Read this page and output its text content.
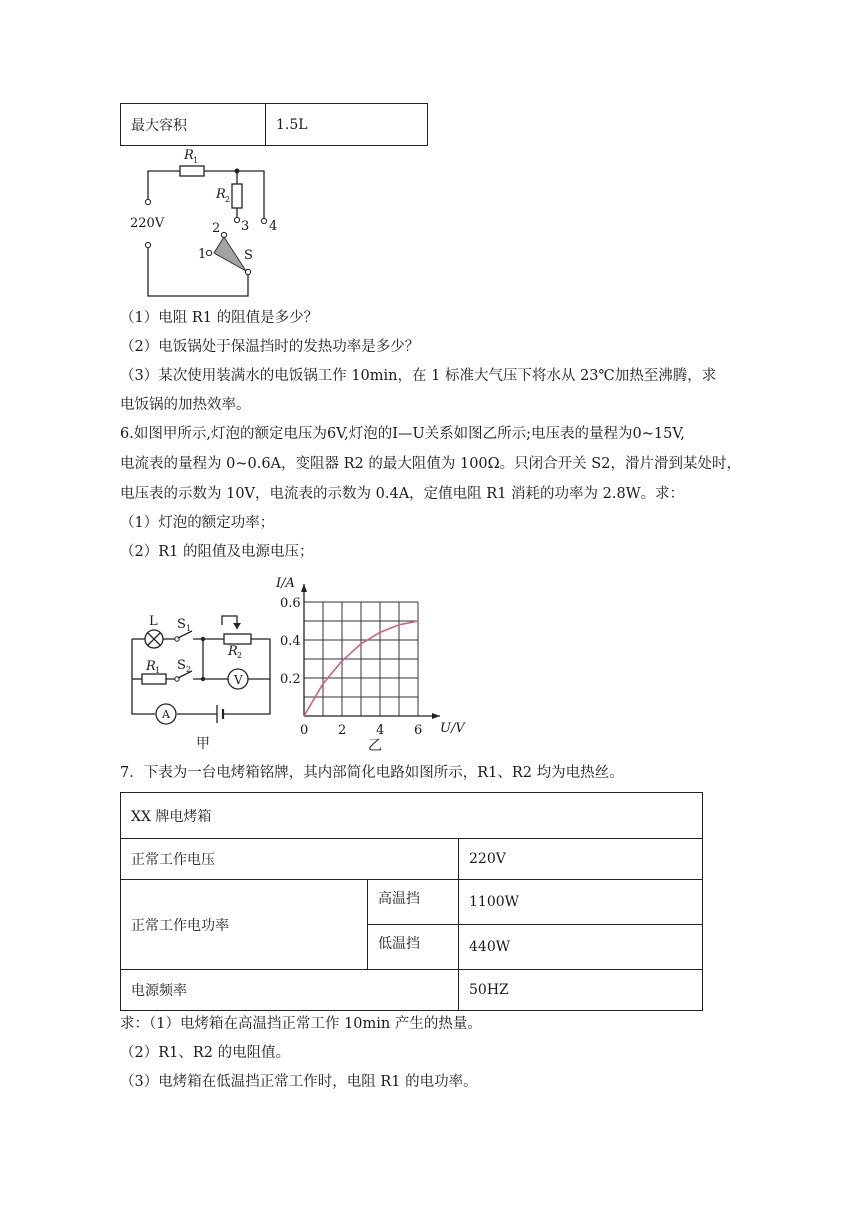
最大容积	1.5L
R 1
R 2
220V	2 3 4
1	S
（1）电阻 R1 的阻值是多少？
（2）电饭锅处于保温挡时的发热功率是多少？
（3）某次使用装满水的电饭锅工作 10min，在 1 标准大气压下将水从 23℃加热至沸腾，求
电饭锅的加热效率。
6.如图甲所示,灯泡的额定电压为6V,灯泡的I—U关系如图乙所示;电压表的量程为0~15V,
电流表的量程为 0~0.6A，变阻器 R2 的最大阻值为 100Ω。只闭合开关 S2，滑片滑到某处时，
电压表的示数为 10V，电流表的示数为 0.4A，定值电阻 R1 消耗的功率为 2.8W。求：
（1）灯泡的额定功率；
（2）R1 的阻值及电源电压；
L S 1
S 2
R 1
R 2
V
A
甲
0 2 4 6
0.2
0.4
0.6
I/A
U/V
乙
7．下表为一台电烤箱铭牌，其内部简化电路如图所示，R1、R2 均为电热丝。
XX 牌电烤箱		
正常工作电压		220V
正常工作电功率	高温挡	1100W
	低温挡	440W
电源频率		50HZ
求：（1）电烤箱在高温挡正常工作 10min 产生的热量。
（2）R1、R2 的电阻值。
（3）电烤箱在低温挡正常工作时，电阻 R1 的电功率。
